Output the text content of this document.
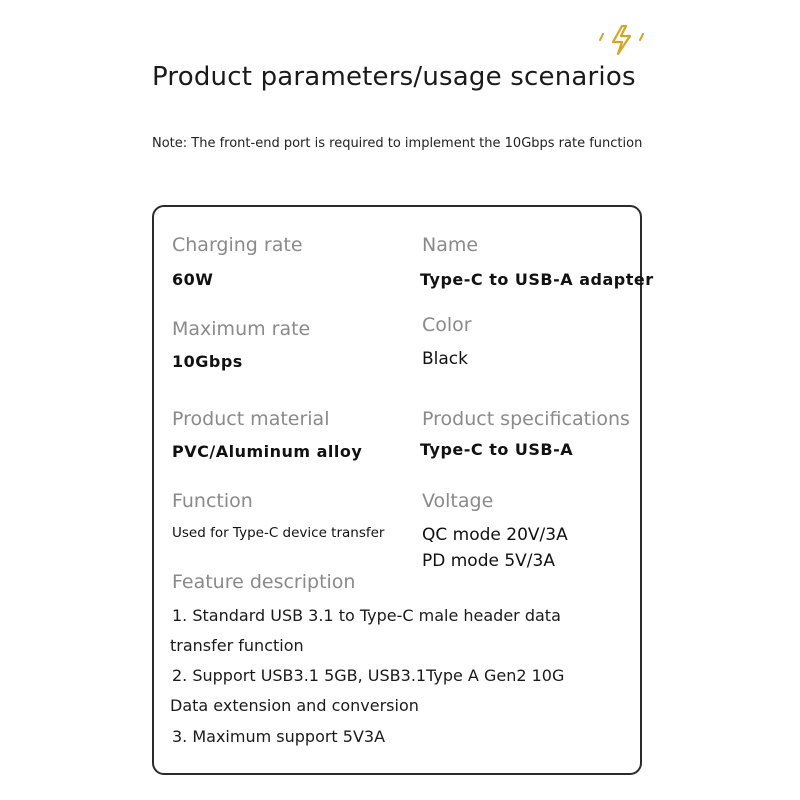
Product parameters/usage scenarios

Note: The front-end port is required to implement the 10Gbps rate function

Charging rate
60W
Maximum rate
10Gbps
Product material
PVC/Aluminum alloy
Function
Used for Type-C device transfer
Name
Type-C to USB-A adapter
Color
Black
Product specifications
Type-C to USB-A
Voltage
QC mode 20V/3A
PD mode 5V/3A
Feature description
1. Standard USB 3.1 to Type-C male header data
transfer function
2. Support USB3.1 5GB, USB3.1Type A Gen2 10G
Data extension and conversion
3. Maximum support 5V3A
